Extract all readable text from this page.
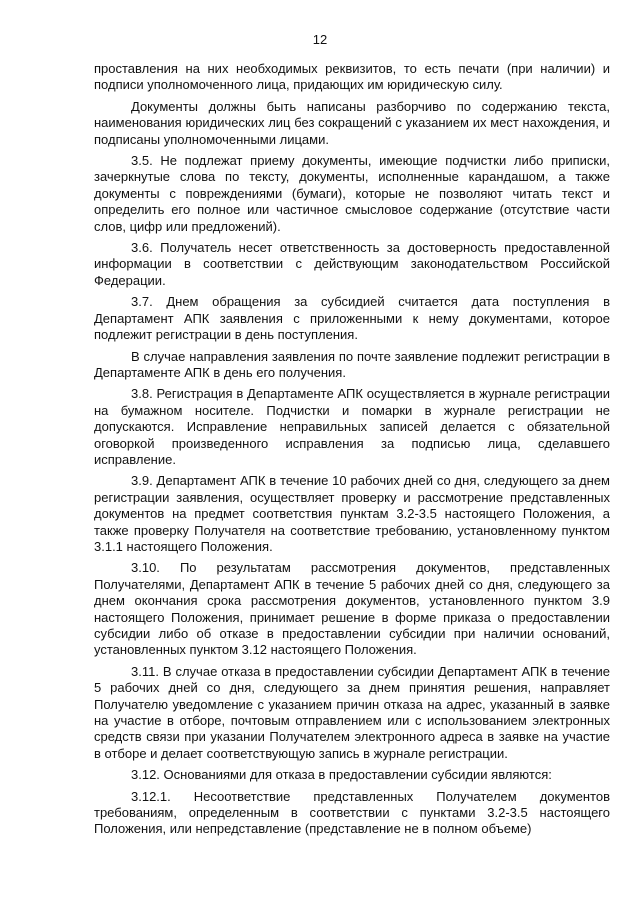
12

проставления на них необходимых реквизитов, то есть печати (при наличии) и подписи уполномоченного лица, придающих им юридическую силу.

Документы должны быть написаны разборчиво по содержанию текста, наименования юридических лиц без сокращений с указанием их мест нахождения, и подписаны уполномоченными лицами.

3.5. Не подлежат приему документы, имеющие подчистки либо приписки, зачеркнутые слова по тексту, документы, исполненные карандашом, а также документы с повреждениями (бумаги), которые не позволяют читать текст и определить его полное или частичное смысловое содержание (отсутствие части слов, цифр или предложений).

3.6. Получатель несет ответственность за достоверность предоставленной информации в соответствии с действующим законодательством Российской Федерации.

3.7. Днем обращения за субсидией считается дата поступления в Департамент АПК заявления с приложенными к нему документами, которое подлежит регистрации в день поступления.

В случае направления заявления по почте заявление подлежит регистрации в Департаменте АПК в день его получения.

3.8. Регистрация в Департаменте АПК осуществляется в журнале регистрации на бумажном носителе. Подчистки и помарки в журнале регистрации не допускаются. Исправление неправильных записей делается с обязательной оговоркой произведенного исправления за подписью лица, сделавшего исправление.

3.9. Департамент АПК в течение 10 рабочих дней со дня, следующего за днем регистрации заявления, осуществляет проверку и рассмотрение представленных документов на предмет соответствия пунктам 3.2-3.5 настоящего Положения, а также проверку Получателя на соответствие требованию, установленному пунктом 3.1.1 настоящего Положения.

3.10. По результатам рассмотрения документов, представленных Получателями, Департамент АПК в течение 5 рабочих дней со дня, следующего за днем окончания срока рассмотрения документов, установленного пунктом 3.9 настоящего Положения, принимает решение в форме приказа о предоставлении субсидии либо об отказе в предоставлении субсидии при наличии оснований, установленных пунктом 3.12 настоящего Положения.

3.11. В случае отказа в предоставлении субсидии Департамент АПК в течение 5 рабочих дней со дня, следующего за днем принятия решения, направляет Получателю уведомление с указанием причин отказа на адрес, указанный в заявке на участие в отборе, почтовым отправлением или с использованием электронных средств связи при указании Получателем электронного адреса в заявке на участие в отборе и делает соответствующую запись в журнале регистрации.

3.12. Основаниями для отказа в предоставлении субсидии являются:

3.12.1. Несоответствие представленных Получателем документов требованиям, определенным в соответствии с пунктами 3.2-3.5 настоящего Положения, или непредставление (представление не в полном объеме)
